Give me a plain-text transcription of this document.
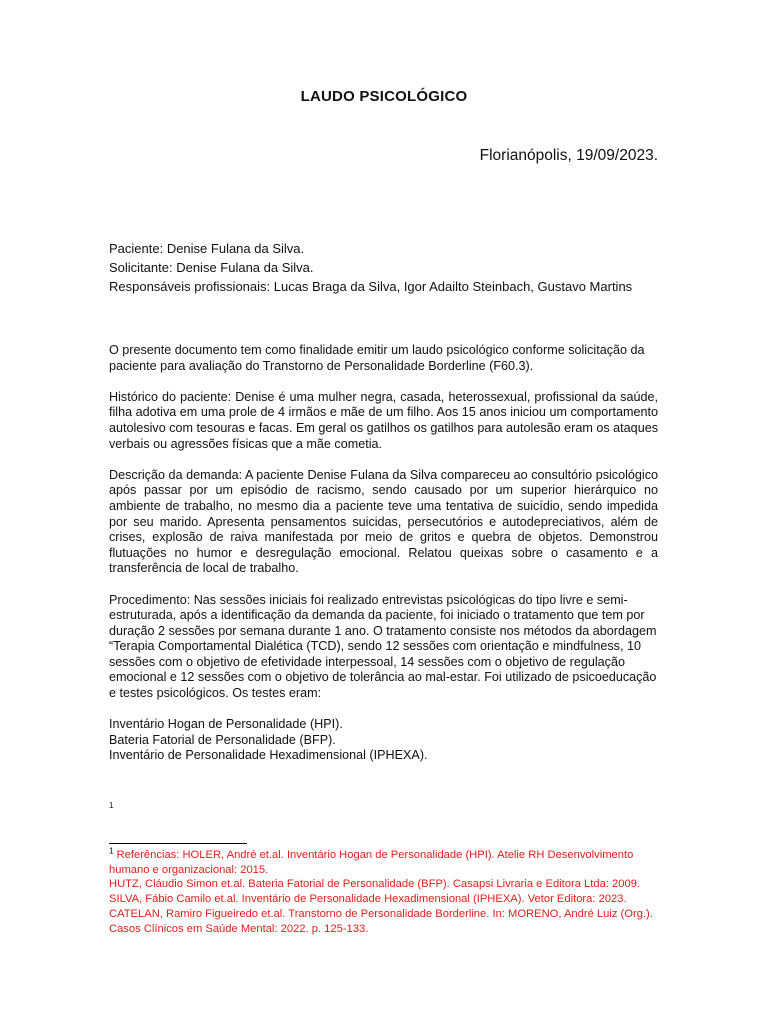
LAUDO PSICOLÓGICO
Florianópolis, 19/09/2023.
Paciente: Denise Fulana da Silva.
Solicitante: Denise Fulana da Silva.
Responsáveis profissionais: Lucas Braga da Silva, Igor Adailto Steinbach, Gustavo Martins

O presente documento tem como finalidade emitir um laudo psicológico conforme solicitação da paciente para avaliação do Transtorno de Personalidade Borderline (F60.3).

Histórico do paciente: Denise é uma mulher negra, casada, heterossexual, profissional da saúde, filha adotiva em uma prole de 4 irmãos e mãe de um filho. Aos 15 anos iniciou um comportamento autolesivo com tesouras e facas. Em geral os gatilhos os gatilhos para autolesão eram os ataques verbais ou agressões físicas que a mãe cometia.

Descrição da demanda: A paciente Denise Fulana da Silva compareceu ao consultório psicológico após passar por um episódio de racismo, sendo causado por um superior hierárquico no ambiente de trabalho, no mesmo dia a paciente teve uma tentativa de suicídio, sendo impedida por seu marido. Apresenta pensamentos suicidas, persecutórios e autodepreciativos, além de crises, explosão de raiva manifestada por meio de gritos e quebra de objetos. Demonstrou flutuações no humor e desregulação emocional. Relatou queixas sobre o casamento e a transferência de local de trabalho.

Procedimento: Nas sessões iniciais foi realizado entrevistas psicológicas do tipo livre e semi-estruturada, após a identificação da demanda da paciente, foi iniciado o tratamento que tem por duração 2 sessões por semana durante 1 ano. O tratamento consiste nos métodos da abordagem “Terapia Comportamental Dialética (TCD), sendo 12 sessões com orientação e mindfulness, 10 sessões com o objetivo de efetividade interpessoal, 14 sessões com o objetivo de regulação emocional e 12 sessões com o objetivo de tolerância ao mal-estar. Foi utilizado de psicoeducação e testes psicológicos. Os testes eram:

Inventário Hogan de Personalidade (HPI).
Bateria Fatorial de Personalidade (BFP).
Inventário de Personalidade Hexadimensional (IPHEXA).
1
$^1$ Referências: HOLER, André et.al. Inventário Hogan de Personalidade (HPI). Atelie RH Desenvolvimento humano e organizacional: 2015.
HUTZ, Cláudio Simon et.al. Bateria Fatorial de Personalidade (BFP). Casapsi Livraria e Editora Ltda: 2009.
SILVA, Fábio Camilo et.al. Inventário de Personalidade Hexadimensional (IPHEXA). Vetor Editora: 2023.
CATELAN, Ramiro Figueiredo et.al. Transtorno de Personalidade Borderline. In: MORENO, André Luiz (Org.). Casos Clínicos em Saúde Mental: 2022. p. 125-133.
